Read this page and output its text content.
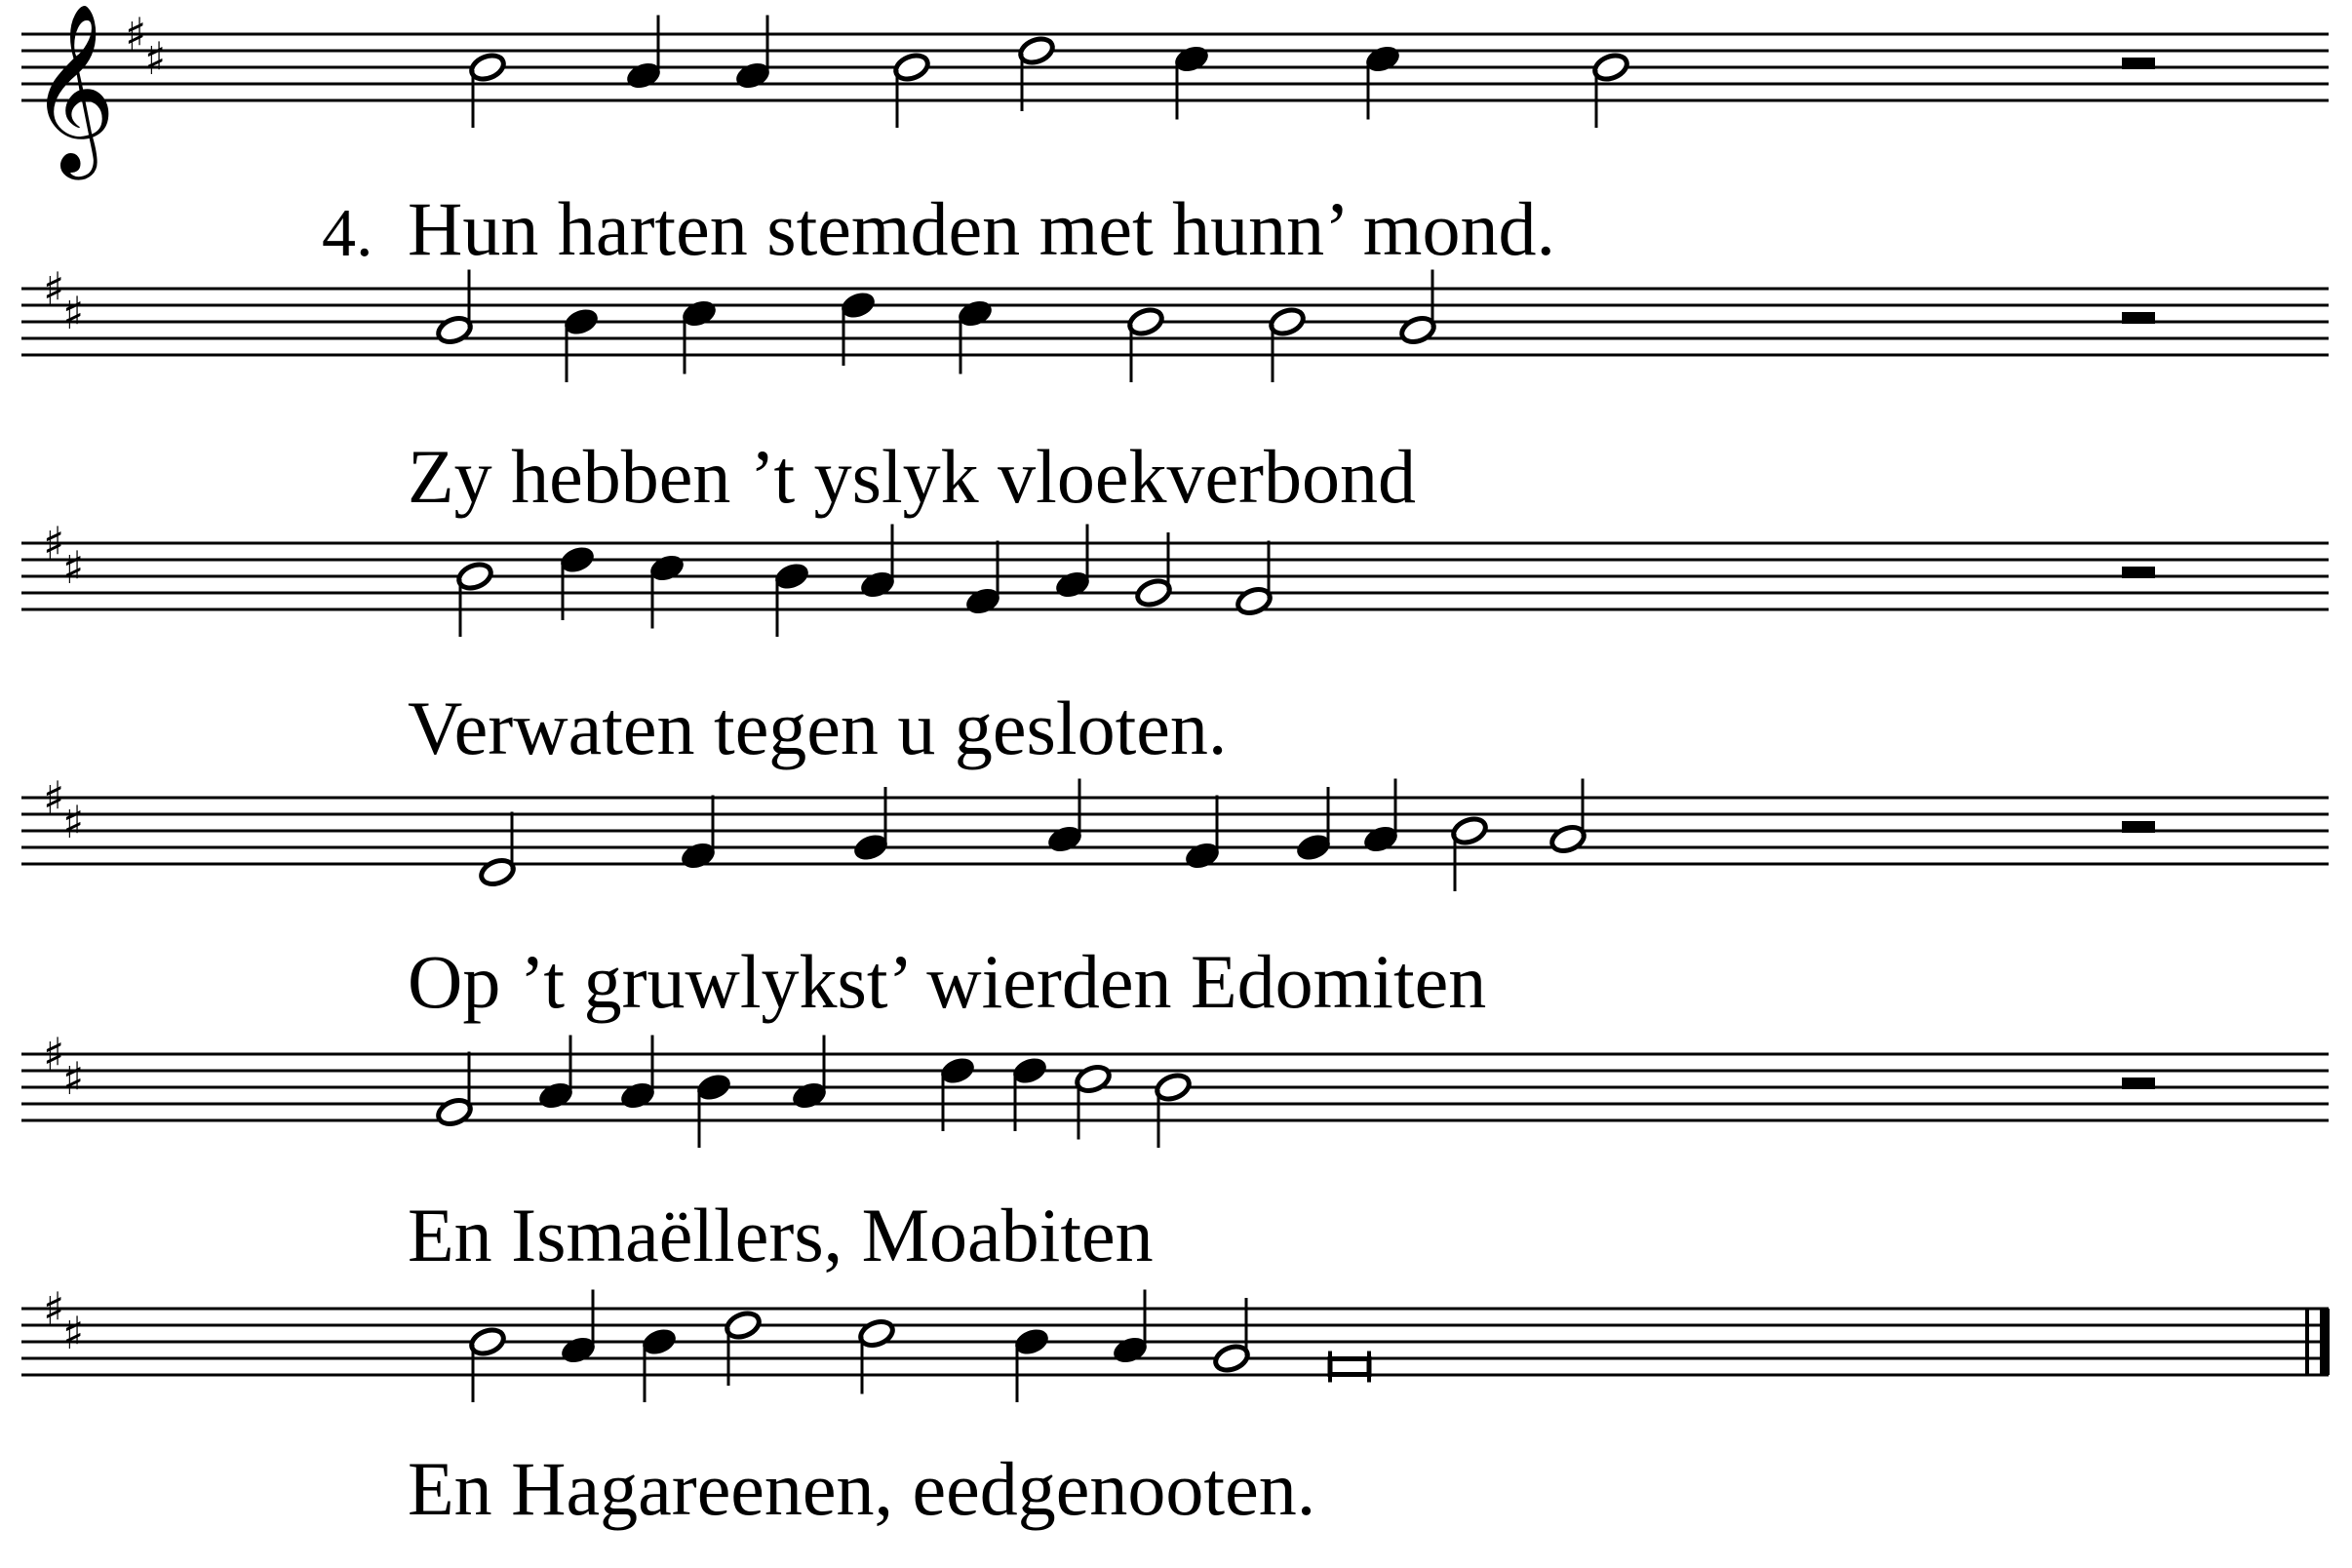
𝄞 ♯
♯
♯
♯
♯
♯
♯
♯
♯
♯
♯
♯
4. Hun harten stemden met hunn’ mond.
Zy hebben ’t yslyk vloekverbond
Verwaten tegen u gesloten.
Op ’t gruwlykst’ wierden Edomiten
En Ismaëllers, Moabiten
En Hagareenen, eedgenooten.
